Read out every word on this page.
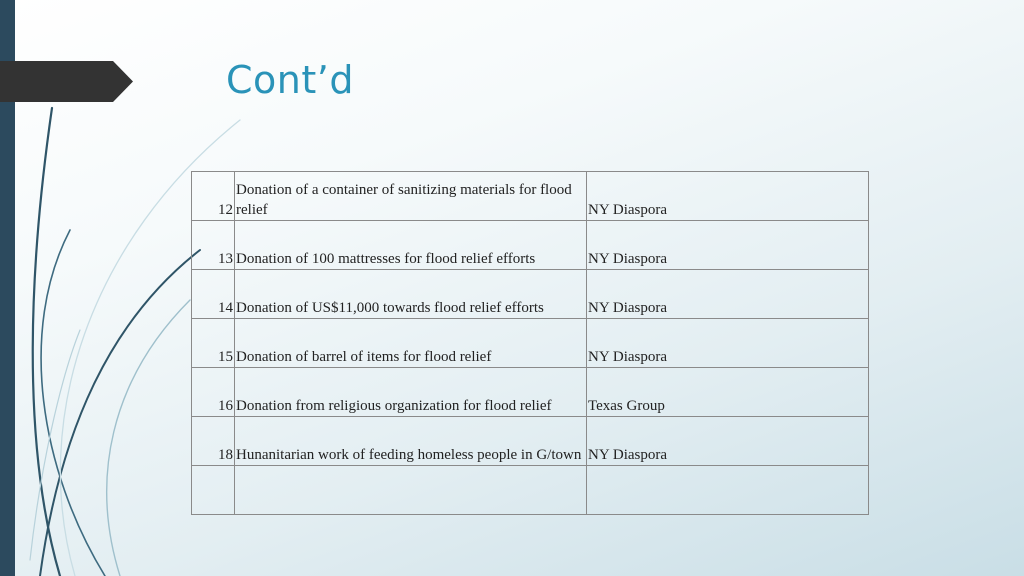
Cont’d
12	Donation of a container of sanitizing materials for flood relief	NY Diaspora

13	Donation of 100 mattresses for flood relief efforts	NY Diaspora

14	Donation of US$11,000 towards flood relief efforts	NY Diaspora

15	Donation of barrel of items for flood relief	NY Diaspora

16	Donation from religious organization for flood relief	Texas Group

18	Hunanitarian work of feeding homeless people in G/town	NY Diaspora
